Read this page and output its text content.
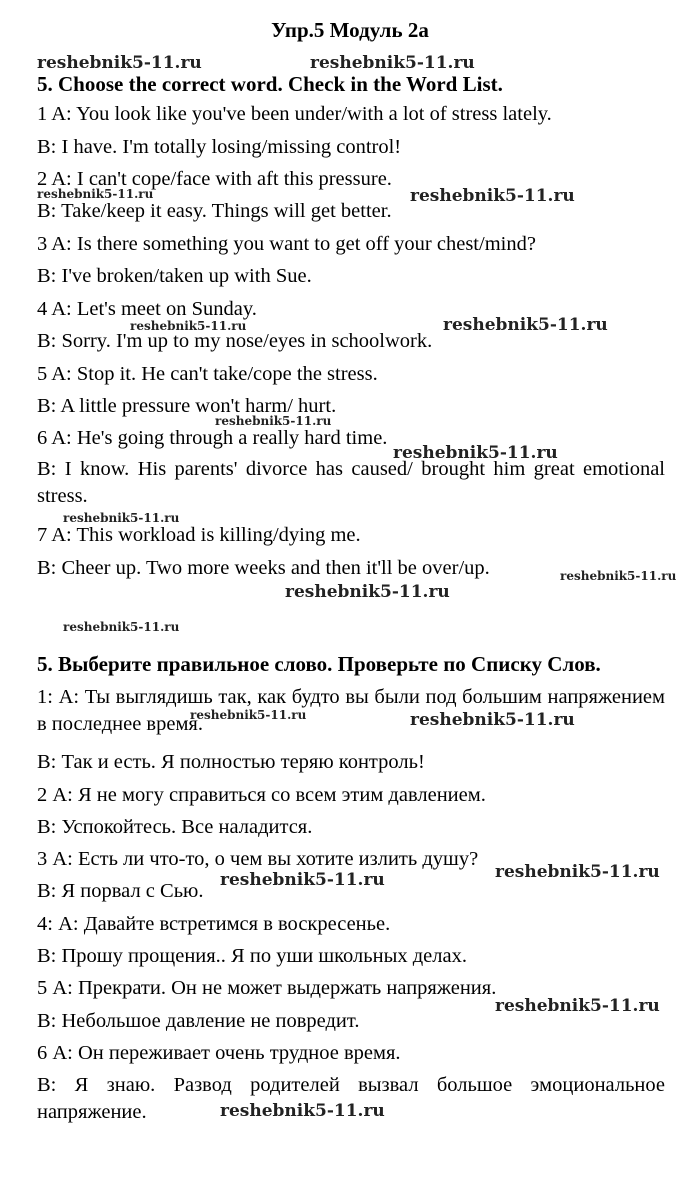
Упр.5 Модуль 2а
5. Choose the correct word. Check in the Word List.
1 A: You look like you've been under/with a lot of stress lately.
B: I have. I'm totally losing/missing control!
2 A: I can't cope/face with aft this pressure.
B: Take/keep it easy. Things will get better.
3 A: Is there something you want to get off your chest/mind?
B: I've broken/taken up with Sue.
4 A: Let's meet on Sunday.
B: Sorry. I'm up to my nose/eyes in schoolwork.
5 A: Stop it. He can't take/cope the stress.
B: A little pressure won't harm/ hurt.
6 A: He's going through a really hard time.
B: I know. His parents' divorce has caused/ brought him great emotional stress.
7 A: This workload is killing/dying me.
B: Cheer up. Two more weeks and then it'll be over/up.
5. Выберите правильное слово. Проверьте по Списку Слов.
1: А: Ты выглядишь так, как будто вы были под большим напряжением в последнее время.
В: Так и есть. Я полностью теряю контроль!
2 А: Я не могу справиться со всем этим давлением.
В: Успокойтесь. Все наладится.
3 А: Есть ли что-то, о чем вы хотите излить душу?
В: Я порвал с Сью.
4: А: Давайте встретимся в воскресенье.
В: Прошу прощения.. Я по уши школьных делах.
5 А: Прекрати. Он не может выдержать напряжения.
В: Небольшое давление не повредит.
6 А: Он переживает очень трудное время.
В: Я знаю. Развод родителей вызвал большое эмоциональное напряжение.
reshebnik5-11.ru	reshebnik5-11.ru
reshebnik5-11.ru	reshebnik5-11.ru
reshebnik5-11.ru	reshebnik5-11.ru
reshebnik5-11.ru
reshebnik5-11.ru
reshebnik5-11.ru
reshebnik5-11.ru
reshebnik5-11.ru
reshebnik5-11.ru
reshebnik5-11.ru	reshebnik5-11.ru
reshebnik5-11.ru
reshebnik5-11.ru
reshebnik5-11.ru
reshebnik5-11.ru
